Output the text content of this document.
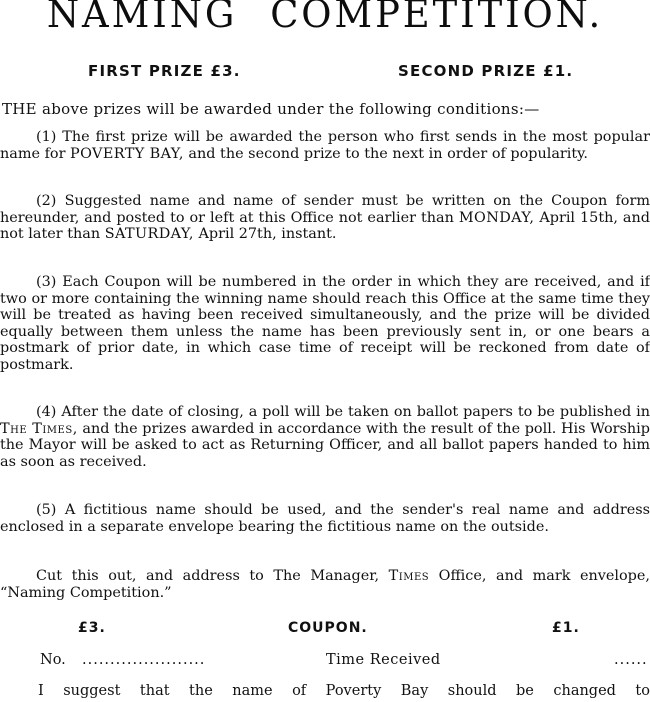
NAMING COMPETITION.
FIRST PRIZE £3.	SECOND PRIZE £1.
THE above prizes will be awarded under the following conditions:—
(1) The first prize will be awarded the person who first sends in the most popular name for POVERTY BAY, and the second prize to the next in order of popularity.
(2) Suggested name and name of sender must be written on the Coupon form hereunder, and posted to or left at this Office not earlier than MONDAY, April 15th, and not later than SATURDAY, April 27th, instant.
(3) Each Coupon will be numbered in the order in which they are received, and if two or more containing the winning name should reach this Office at the same time they will be treated as having been received simultaneously, and the prize will be divided equally between them unless the name has been previously sent in, or one bears a postmark of prior date, in which case time of receipt will be reckoned from date of postmark.
(4) After the date of closing, a poll will be taken on ballot papers to be published in The Times, and the prizes awarded in accordance with the result of the poll. His Worship the Mayor will be asked to act as Returning Officer, and all ballot papers handed to him as soon as received.
(5) A fictitious name should be used, and the sender's real name and address enclosed in a separate envelope bearing the fictitious name on the outside.
Cut this out, and address to The Manager, Times Office, and mark envelope, “Naming Competition.”
£3.	COUPON.	£1.
No. ......................	Time Received	......
I suggest that the name of Poverty Bay should be changed to
